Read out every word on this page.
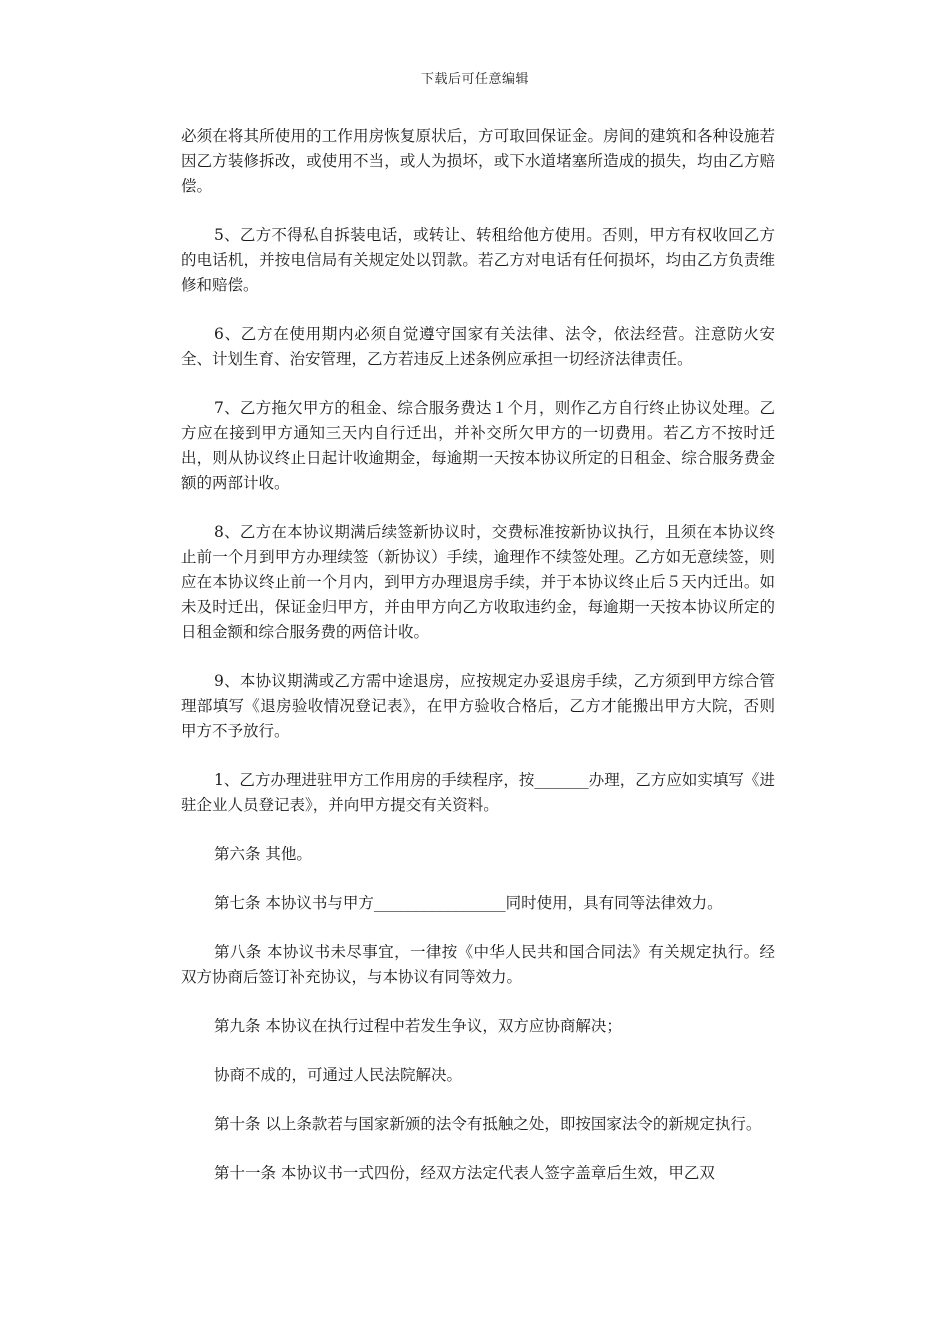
下载后可任意编辑

必须在将其所使用的工作用房恢复原状后，方可取回保证金。房间的建筑和各种设施若因乙方装修拆改，或使用不当，或人为损坏，或下水道堵塞所造成的损失，均由乙方赔偿。

5、乙方不得私自拆装电话，或转让、转租给他方使用。否则，甲方有权收回乙方的电话机，并按电信局有关规定处以罚款。若乙方对电话有任何损坏，均由乙方负责维修和赔偿。

6、乙方在使用期内必须自觉遵守国家有关法律、法令，依法经营。注意防火安全、计划生育、治安管理，乙方若违反上述条例应承担一切经济法律责任。

7、乙方拖欠甲方的租金、综合服务费达１个月，则作乙方自行终止协议处理。乙方应在接到甲方通知三天内自行迁出，并补交所欠甲方的一切费用。若乙方不按时迁出，则从协议终止日起计收逾期金，每逾期一天按本协议所定的日租金、综合服务费金额的两部计收。

8、乙方在本协议期满后续签新协议时，交费标准按新协议执行，且须在本协议终止前一个月到甲方办理续签（新协议）手续，逾理作不续签处理。乙方如无意续签，则应在本协议终止前一个月内，到甲方办理退房手续，并于本协议终止后５天内迁出。如未及时迁出，保证金归甲方，并由甲方向乙方收取违约金，每逾期一天按本协议所定的日租金额和综合服务费的两倍计收。

9、本协议期满或乙方需中途退房，应按规定办妥退房手续，乙方须到甲方综合管理部填写《退房验收情况登记表》，在甲方验收合格后，乙方才能搬出甲方大院，否则甲方不予放行。

1、乙方办理进驻甲方工作用房的手续程序，按_______办理，乙方应如实填写《进驻企业人员登记表》，并向甲方提交有关资料。

第六条 其他。

第七条 本协议书与甲方_________________同时使用，具有同等法律效力。

第八条 本协议书未尽事宜，一律按《中华人民共和国合同法》有关规定执行。经双方协商后签订补充协议，与本协议有同等效力。

第九条 本协议在执行过程中若发生争议，双方应协商解决；

协商不成的，可通过人民法院解决。

第十条 以上条款若与国家新颁的法令有抵触之处，即按国家法令的新规定执行。

第十一条 本协议书一式四份，经双方法定代表人签字盖章后生效，甲乙双
